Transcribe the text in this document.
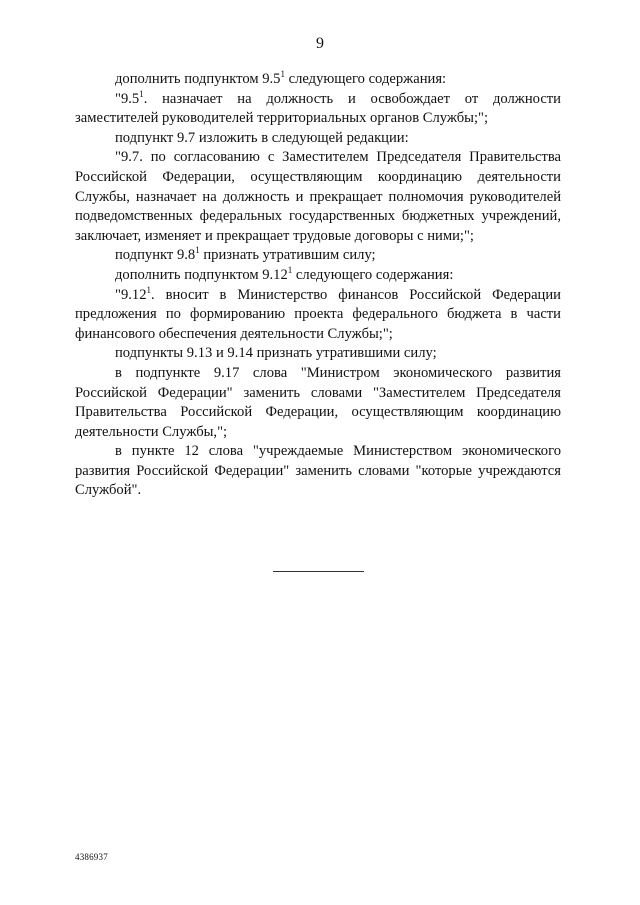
9

дополнить подпунктом $9.5^1$ следующего содержания:

"$9.5^1$. назначает на должность и освобождает от должности заместителей руководителей территориальных органов Службы;";

подпункт 9.7 изложить в следующей редакции:

"9.7. по согласованию с Заместителем Председателя Правительства Российской Федерации, осуществляющим координацию деятельности Службы, назначает на должность и прекращает полномочия руководителей подведомственных федеральных государственных бюджетных учреждений, заключает, изменяет и прекращает трудовые договоры с ними;";

подпункт $9.8^1$ признать утратившим силу;

дополнить подпунктом 9.12$^1$ следующего содержания:

"9.12$^1$. вносит в Министерство финансов Российской Федерации предложения по формированию проекта федерального бюджета в части финансового обеспечения деятельности Службы;";

подпункты 9.13 и 9.14 признать утратившими силу;

в подпункте 9.17 слова "Министром экономического развития Российской Федерации" заменить словами "Заместителем Председателя Правительства Российской Федерации, осуществляющим координацию деятельности Службы,";

в пункте 12 слова "учреждаемые Министерством экономического развития Российской Федерации" заменить словами "которые учреждаются Службой".

4386937
